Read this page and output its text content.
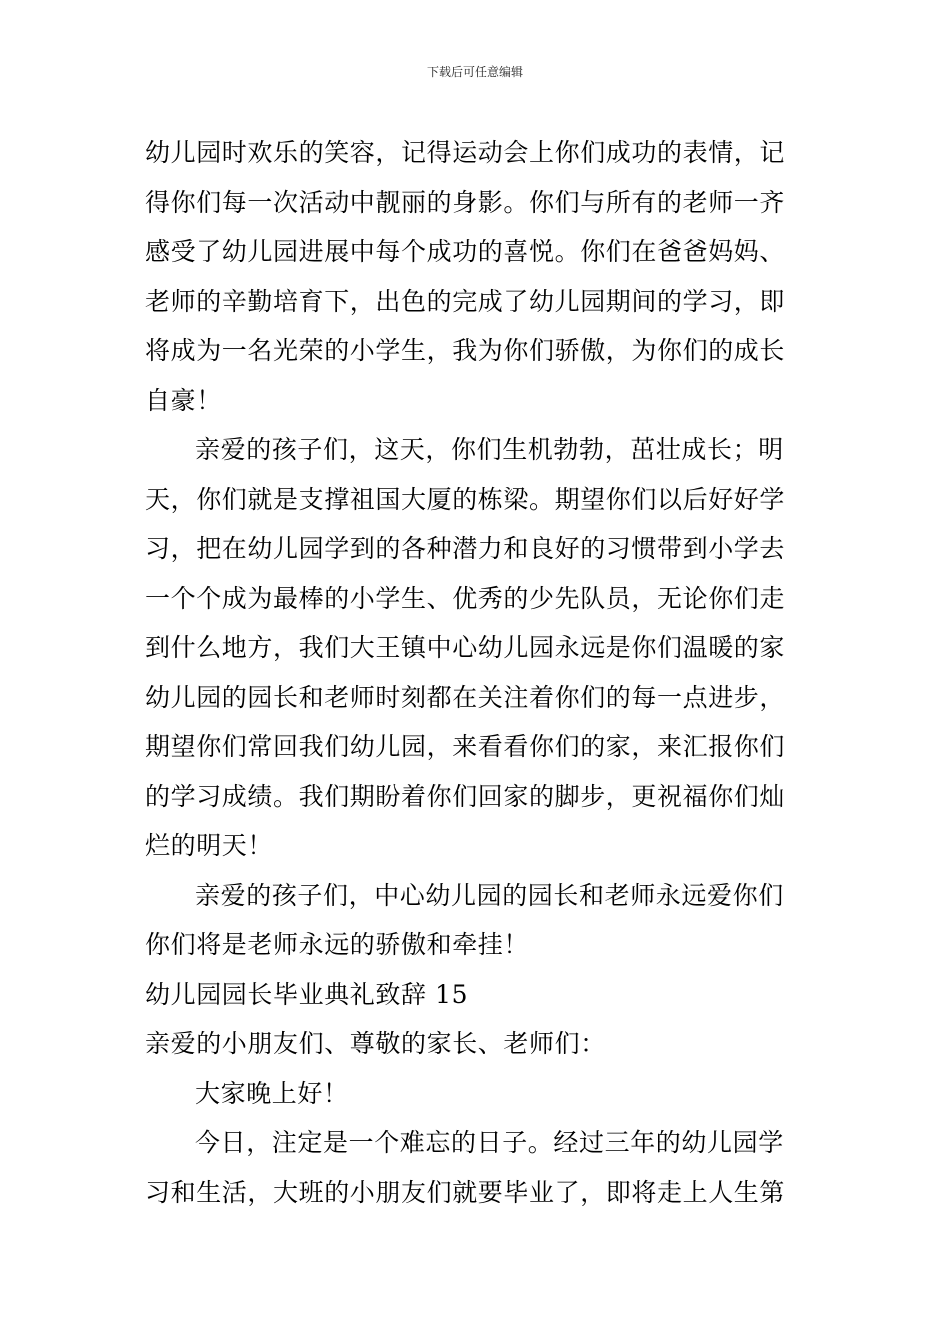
下载后可任意编辑
幼儿园时欢乐的笑容，记得运动会上你们成功的表情，记
得你们每一次活动中靓丽的身影。你们与所有的老师一齐
感受了幼儿园进展中每个成功的喜悦。你们在爸爸妈妈、
老师的辛勤培育下，出色的完成了幼儿园期间的学习，即
将成为一名光荣的小学生，我为你们骄傲，为你们的成长
自豪！
亲爱的孩子们，这天，你们生机勃勃，茁壮成长；明
天，你们就是支撑祖国大厦的栋梁。期望你们以后好好学
习，把在幼儿园学到的各种潜力和良好的习惯带到小学去
一个个成为最棒的小学生、优秀的少先队员，无论你们走
到什么地方，我们大王镇中心幼儿园永远是你们温暖的家
幼儿园的园长和老师时刻都在关注着你们的每一点进步，
期望你们常回我们幼儿园，来看看你们的家，来汇报你们
的学习成绩。我们期盼着你们回家的脚步，更祝福你们灿
烂的明天！
亲爱的孩子们，中心幼儿园的园长和老师永远爱你们
你们将是老师永远的骄傲和牵挂！
幼儿园园长毕业典礼致辞 15
亲爱的小朋友们、尊敬的家长、老师们：
大家晚上好！
今日，注定是一个难忘的日子。经过三年的幼儿园学
习和生活，大班的小朋友们就要毕业了，即将走上人生第
